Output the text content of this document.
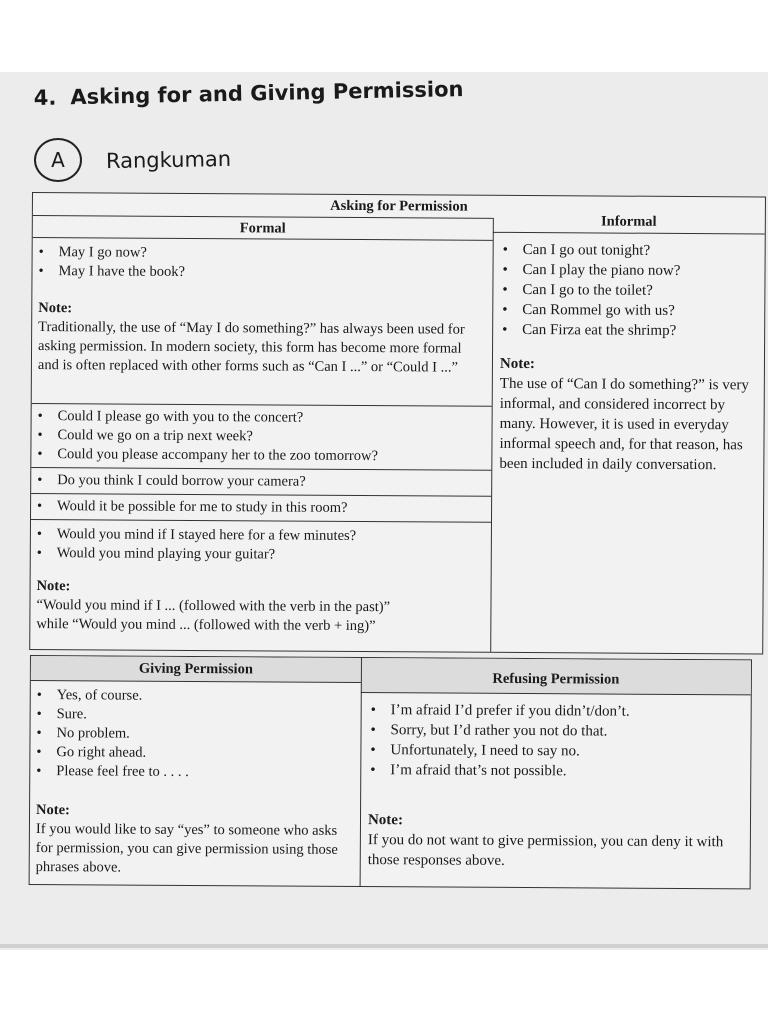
4. Asking for and Giving Permission
A	Rangkuman
Asking for Permission
Formal	Informal
• May I go now?
• May I have the book?
Note:
Traditionally, the use of “May I do something?” has always been used for asking permission. In modern society, this form has become more formal and is often replaced with other forms such as “Can I ...” or “Could I ...”
• Could I please go with you to the concert?
• Could we go on a trip next week?
• Could you please accompany her to the zoo tomorrow?
• Do you think I could borrow your camera?
• Would it be possible for me to study in this room?
• Would you mind if I stayed here for a few minutes?
• Would you mind playing your guitar?
Note:
“Would you mind if I ... (followed with the verb in the past)”
while “Would you mind ... (followed with the verb + ing)”
• Can I go out tonight?
• Can I play the piano now?
• Can I go to the toilet?
• Can Rommel go with us?
• Can Firza eat the shrimp?
Note:
The use of “Can I do something?” is very informal, and considered incorrect by many. However, it is used in everyday informal speech and, for that reason, has been included in daily conversation.
Giving Permission
Refusing Permission
• Yes, of course.
• Sure.
• No problem.
• Go right ahead.
• Please feel free to . . . .
Note:
If you would like to say “yes” to someone who asks for permission, you can give permission using those phrases above.
• I’m afraid I’d prefer if you didn’t/don’t.
• Sorry, but I’d rather you not do that.
• Unfortunately, I need to say no.
• I’m afraid that’s not possible.
Note:
If you do not want to give permission, you can deny it with those responses above.
